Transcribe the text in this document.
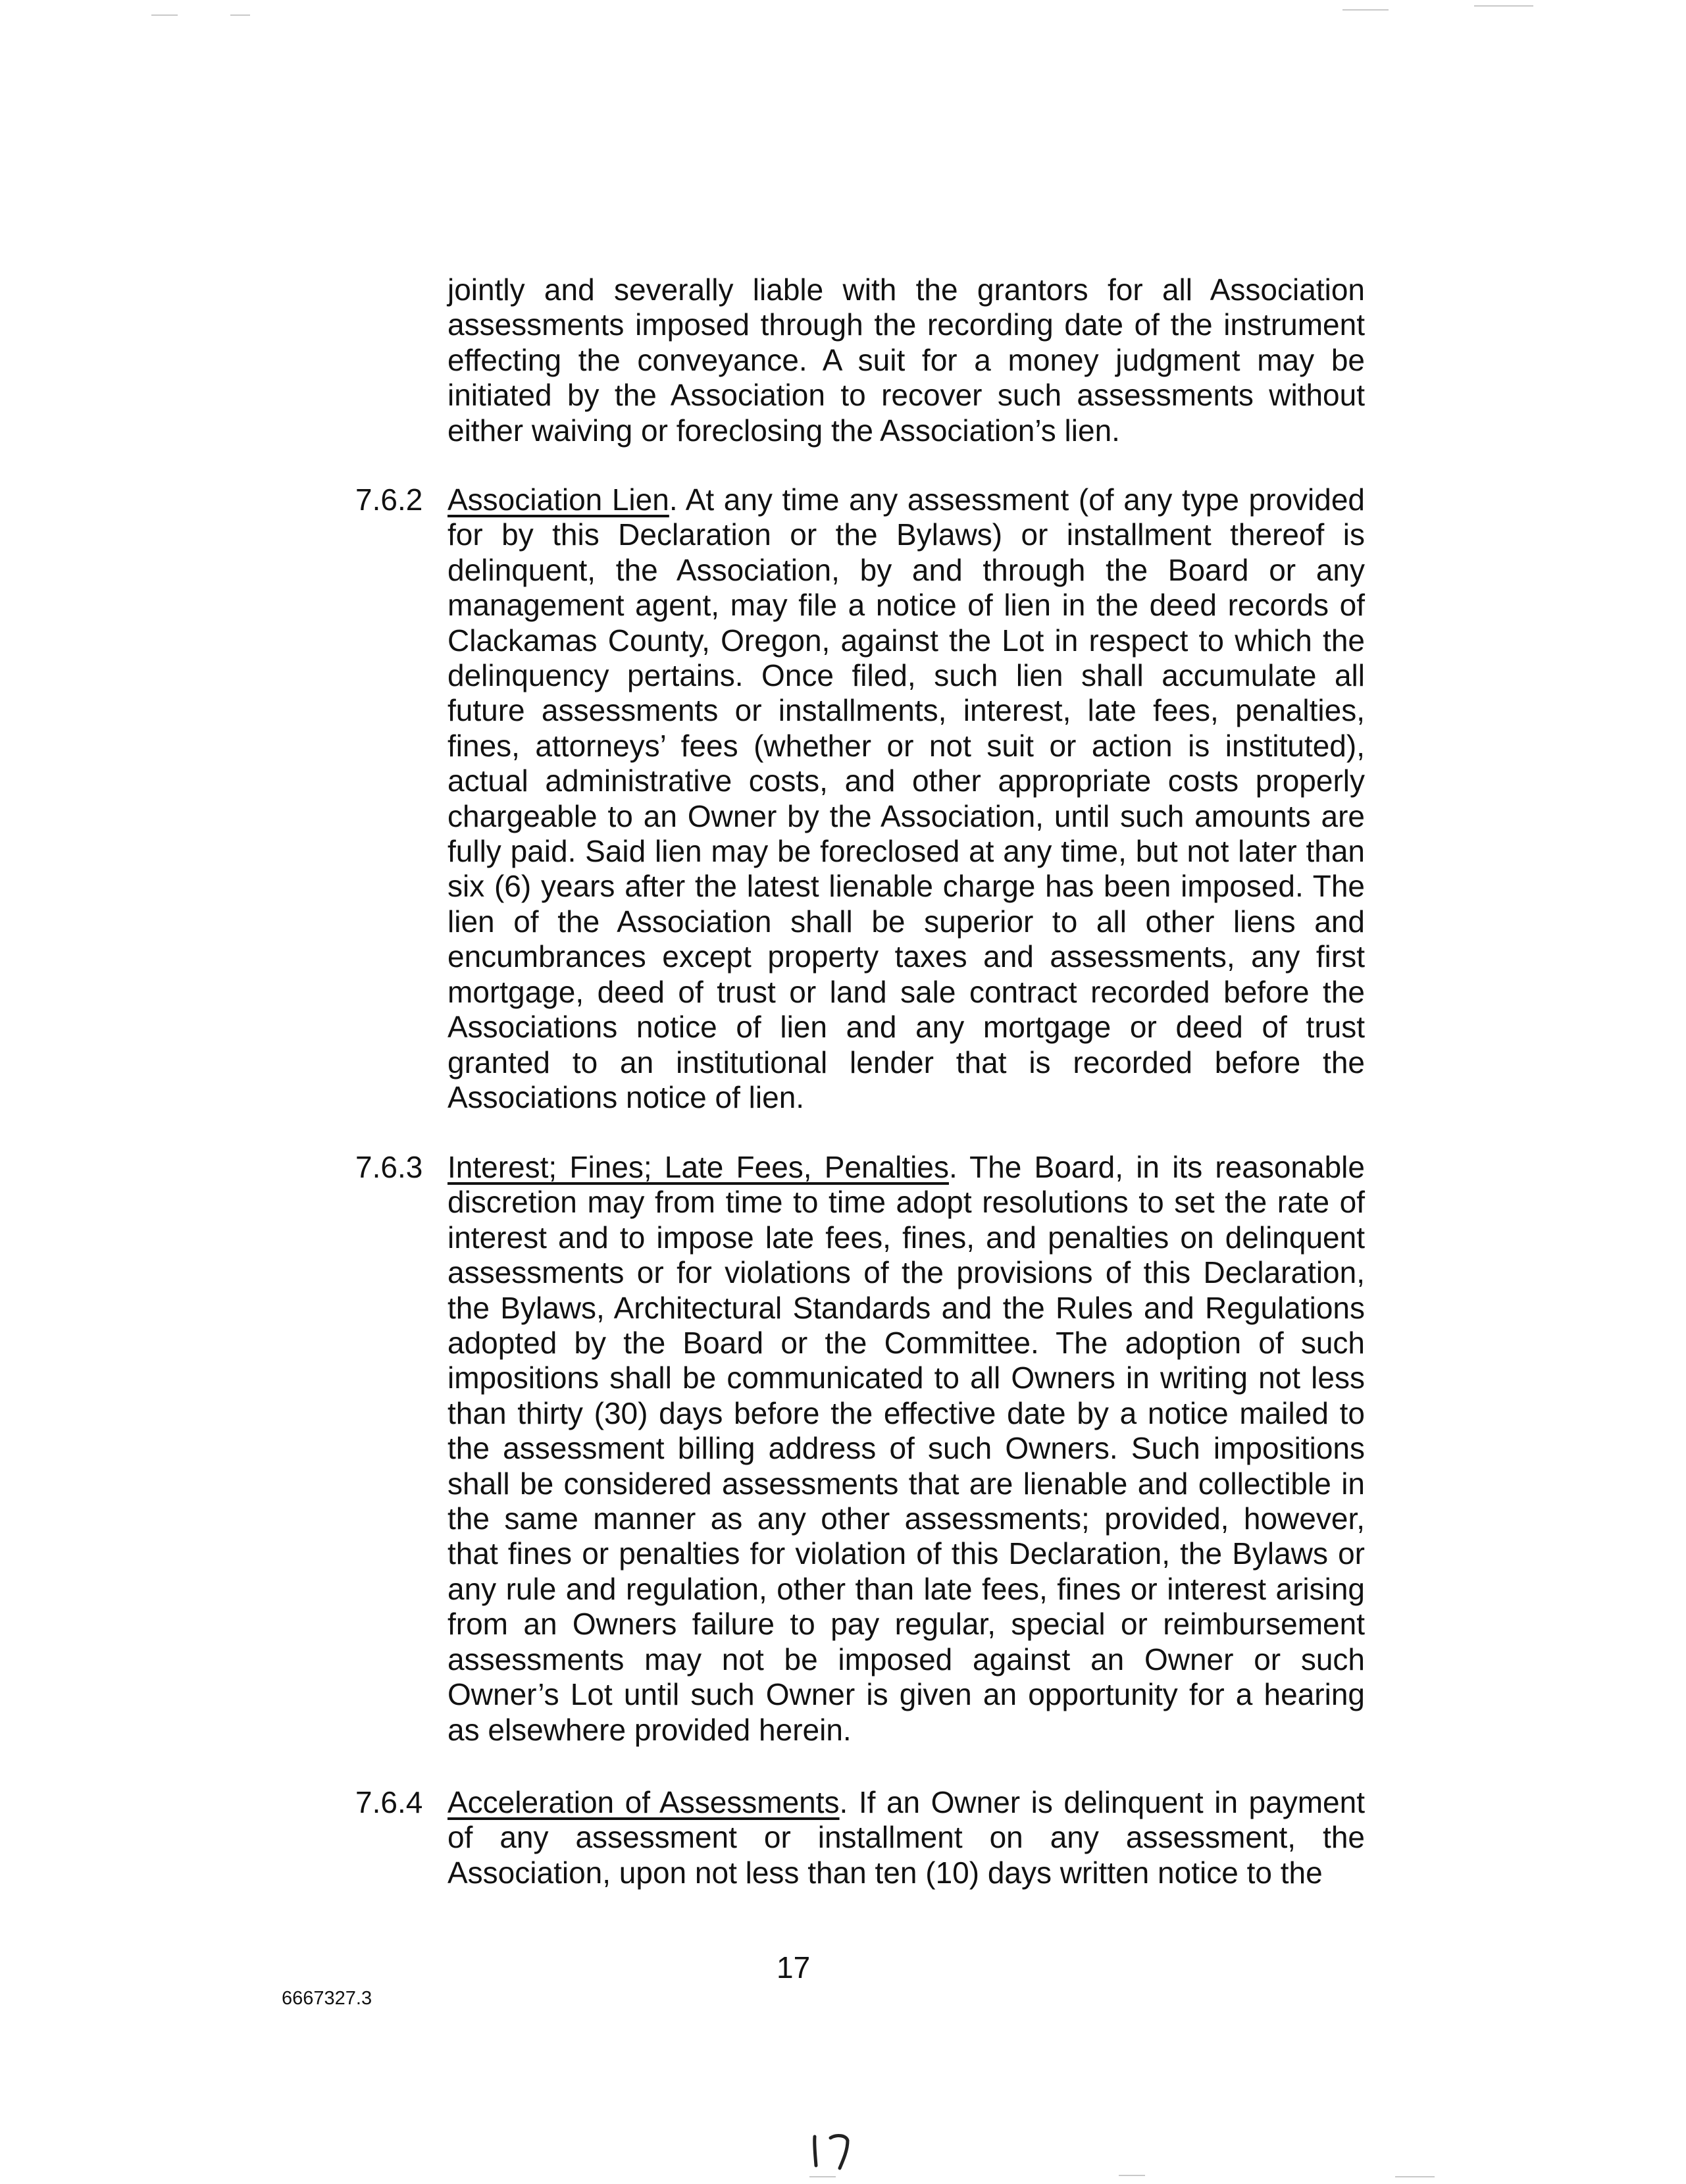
jointly and severally liable with the grantors for all Association assessments imposed through the recording date of the instrument effecting the conveyance. A suit for a money judgment may be initiated by the Association to recover such assessments without either waiving or foreclosing the Association’s lien.

7.6.2 Association Lien. At any time any assessment (of any type provided for by this Declaration or the Bylaws) or installment thereof is delinquent, the Association, by and through the Board or any management agent, may file a notice of lien in the deed records of Clackamas County, Oregon, against the Lot in respect to which the delinquency pertains. Once filed, such lien shall accumulate all future assessments or installments, interest, late fees, penalties, fines, attorneys’ fees (whether or not suit or action is instituted), actual administrative costs, and other appropriate costs properly chargeable to an Owner by the Association, until such amounts are fully paid. Said lien may be foreclosed at any time, but not later than six (6) years after the latest lienable charge has been imposed. The lien of the Association shall be superior to all other liens and encumbrances except property taxes and assessments, any first mortgage, deed of trust or land sale contract recorded before the Associations notice of lien and any mortgage or deed of trust granted to an institutional lender that is recorded before the Associations notice of lien.

7.6.3 Interest; Fines; Late Fees, Penalties. The Board, in its reasonable discretion may from time to time adopt resolutions to set the rate of interest and to impose late fees, fines, and penalties on delinquent assessments or for violations of the provisions of this Declaration, the Bylaws, Architectural Standards and the Rules and Regulations adopted by the Board or the Committee. The adoption of such impositions shall be communicated to all Owners in writing not less than thirty (30) days before the effective date by a notice mailed to the assessment billing address of such Owners. Such impositions shall be considered assessments that are lienable and collectible in the same manner as any other assessments; provided, however, that fines or penalties for violation of this Declaration, the Bylaws or any rule and regulation, other than late fees, fines or interest arising from an Owners failure to pay regular, special or reimbursement assessments may not be imposed against an Owner or such Owner’s Lot until such Owner is given an opportunity for a hearing as elsewhere provided herein.

7.6.4 Acceleration of Assessments. If an Owner is delinquent in payment of any assessment or installment on any assessment, the Association, upon not less than ten (10) days written notice to the

17
6667327.3
